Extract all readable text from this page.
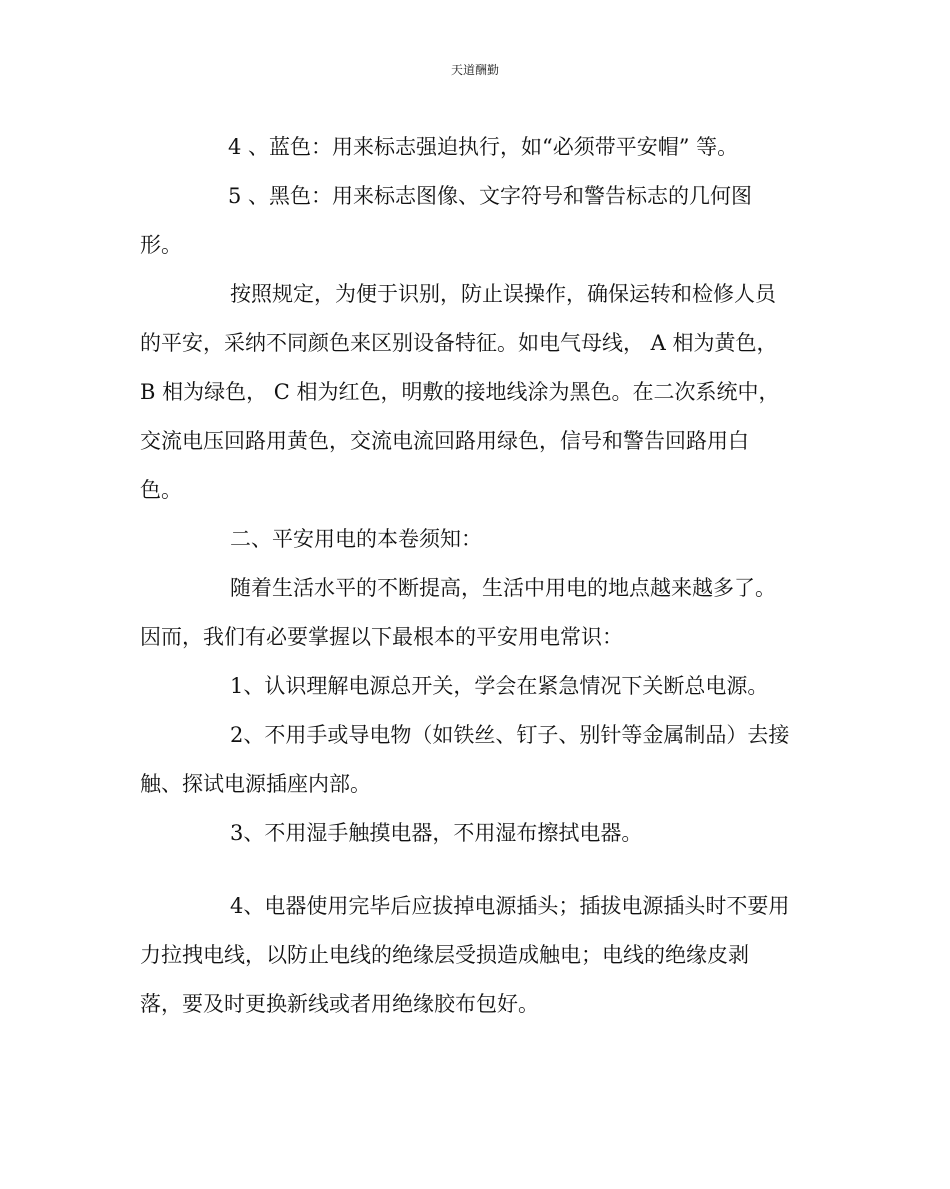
天道酬勤

4 、蓝色：用来标志强迫执行，如“必须带平安帽” 等。

5 、黑色：用来标志图像、文字符号和警告标志的几何图

形。

按照规定，为便于识别，防止误操作，确保运转和检修人员

的平安，采纳不同颜色来区别设备特征。如电气母线， A 相为黄色，

B 相为绿色， C 相为红色，明敷的接地线涂为黑色。在二次系统中，

交流电压回路用黄色，交流电流回路用绿色，信号和警告回路用白

色。

二、平安用电的本卷须知：

随着生活水平的不断提高，生活中用电的地点越来越多了。

因而，我们有必要掌握以下最根本的平安用电常识：

1、认识理解电源总开关，学会在紧急情况下关断总电源。

2、不用手或导电物（如铁丝、钉子、别针等金属制品）去接

触、探试电源插座内部。

3、不用湿手触摸电器，不用湿布擦拭电器。

4、电器使用完毕后应拔掉电源插头；插拔电源插头时不要用

力拉拽电线，以防止电线的绝缘层受损造成触电；电线的绝缘皮剥

落，要及时更换新线或者用绝缘胶布包好。
